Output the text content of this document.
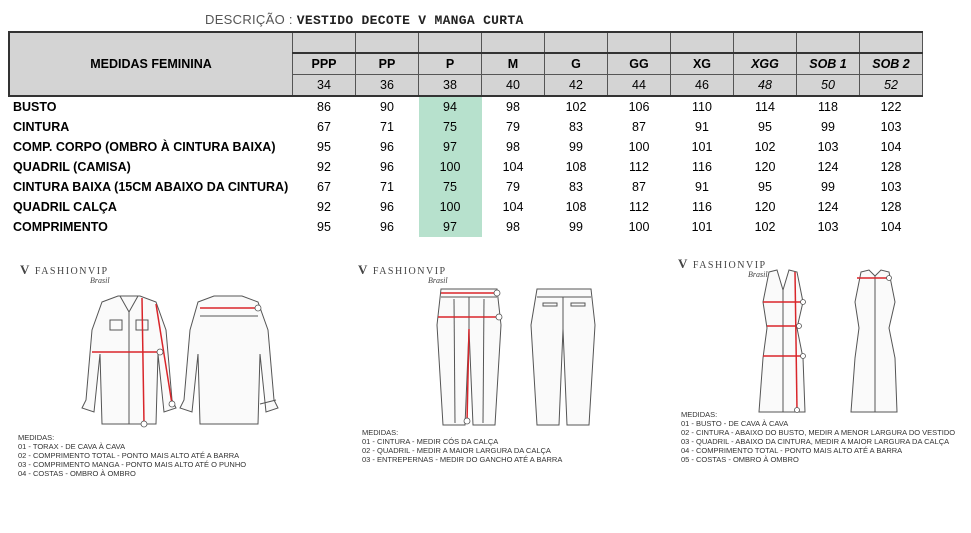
DESCRIÇÃO : VESTIDO DECOTE V MANGA CURTA
MEDIDAS FEMININA										
	PPP	PP	P	M	G	GG	XG	XGG	SOB 1	SOB 2
	34	36	38	40	42	44	46	48	50	52
BUSTO	86	90	94	98	102	106	110	114	118	122
CINTURA	67	71	75	79	83	87	91	95	99	103
COMP. CORPO (OMBRO À CINTURA BAIXA)	95	96	97	98	99	100	101	102	103	104
QUADRIL (CAMISA)	92	96	100	104	108	112	116	120	124	128
CINTURA BAIXA (15CM ABAIXO DA CINTURA)	67	71	75	79	83	87	91	95	99	103
QUADRIL CALÇA	92	96	100	104	108	112	116	120	124	128
COMPRIMENTO	95	96	97	98	99	100	101	102	103	104
V FASHIONVIP
Brasil
MEDIDAS:
01 - TORAX - DE CAVA À CAVA
02 - COMPRIMENTO TOTAL - PONTO MAIS ALTO ATÉ A BARRA
03 - COMPRIMENTO MANGA - PONTO MAIS ALTO ATÉ O PUNHO
04 - COSTAS - OMBRO À OMBRO
V FASHIONVIP
Brasil
MEDIDAS:
01 - CINTURA - MEDIR CÓS DA CALÇA
02 - QUADRIL - MEDIR A MAIOR LARGURA DA CALÇA
03 - ENTREPERNAS - MEDIR DO GANCHO ATÉ A BARRA
V FASHIONVIP
Brasil
MEDIDAS:
01 - BUSTO - DE CAVA À CAVA
02 - CINTURA - ABAIXO DO BUSTO, MEDIR A MENOR LARGURA DO VESTIDO
03 - QUADRIL - ABAIXO DA CINTURA, MEDIR A MAIOR LARGURA DA CALÇA
04 - COMPRIMENTO TOTAL - PONTO MAIS ALTO ATÉ A BARRA
05 - COSTAS - OMBRO À OMBRO
